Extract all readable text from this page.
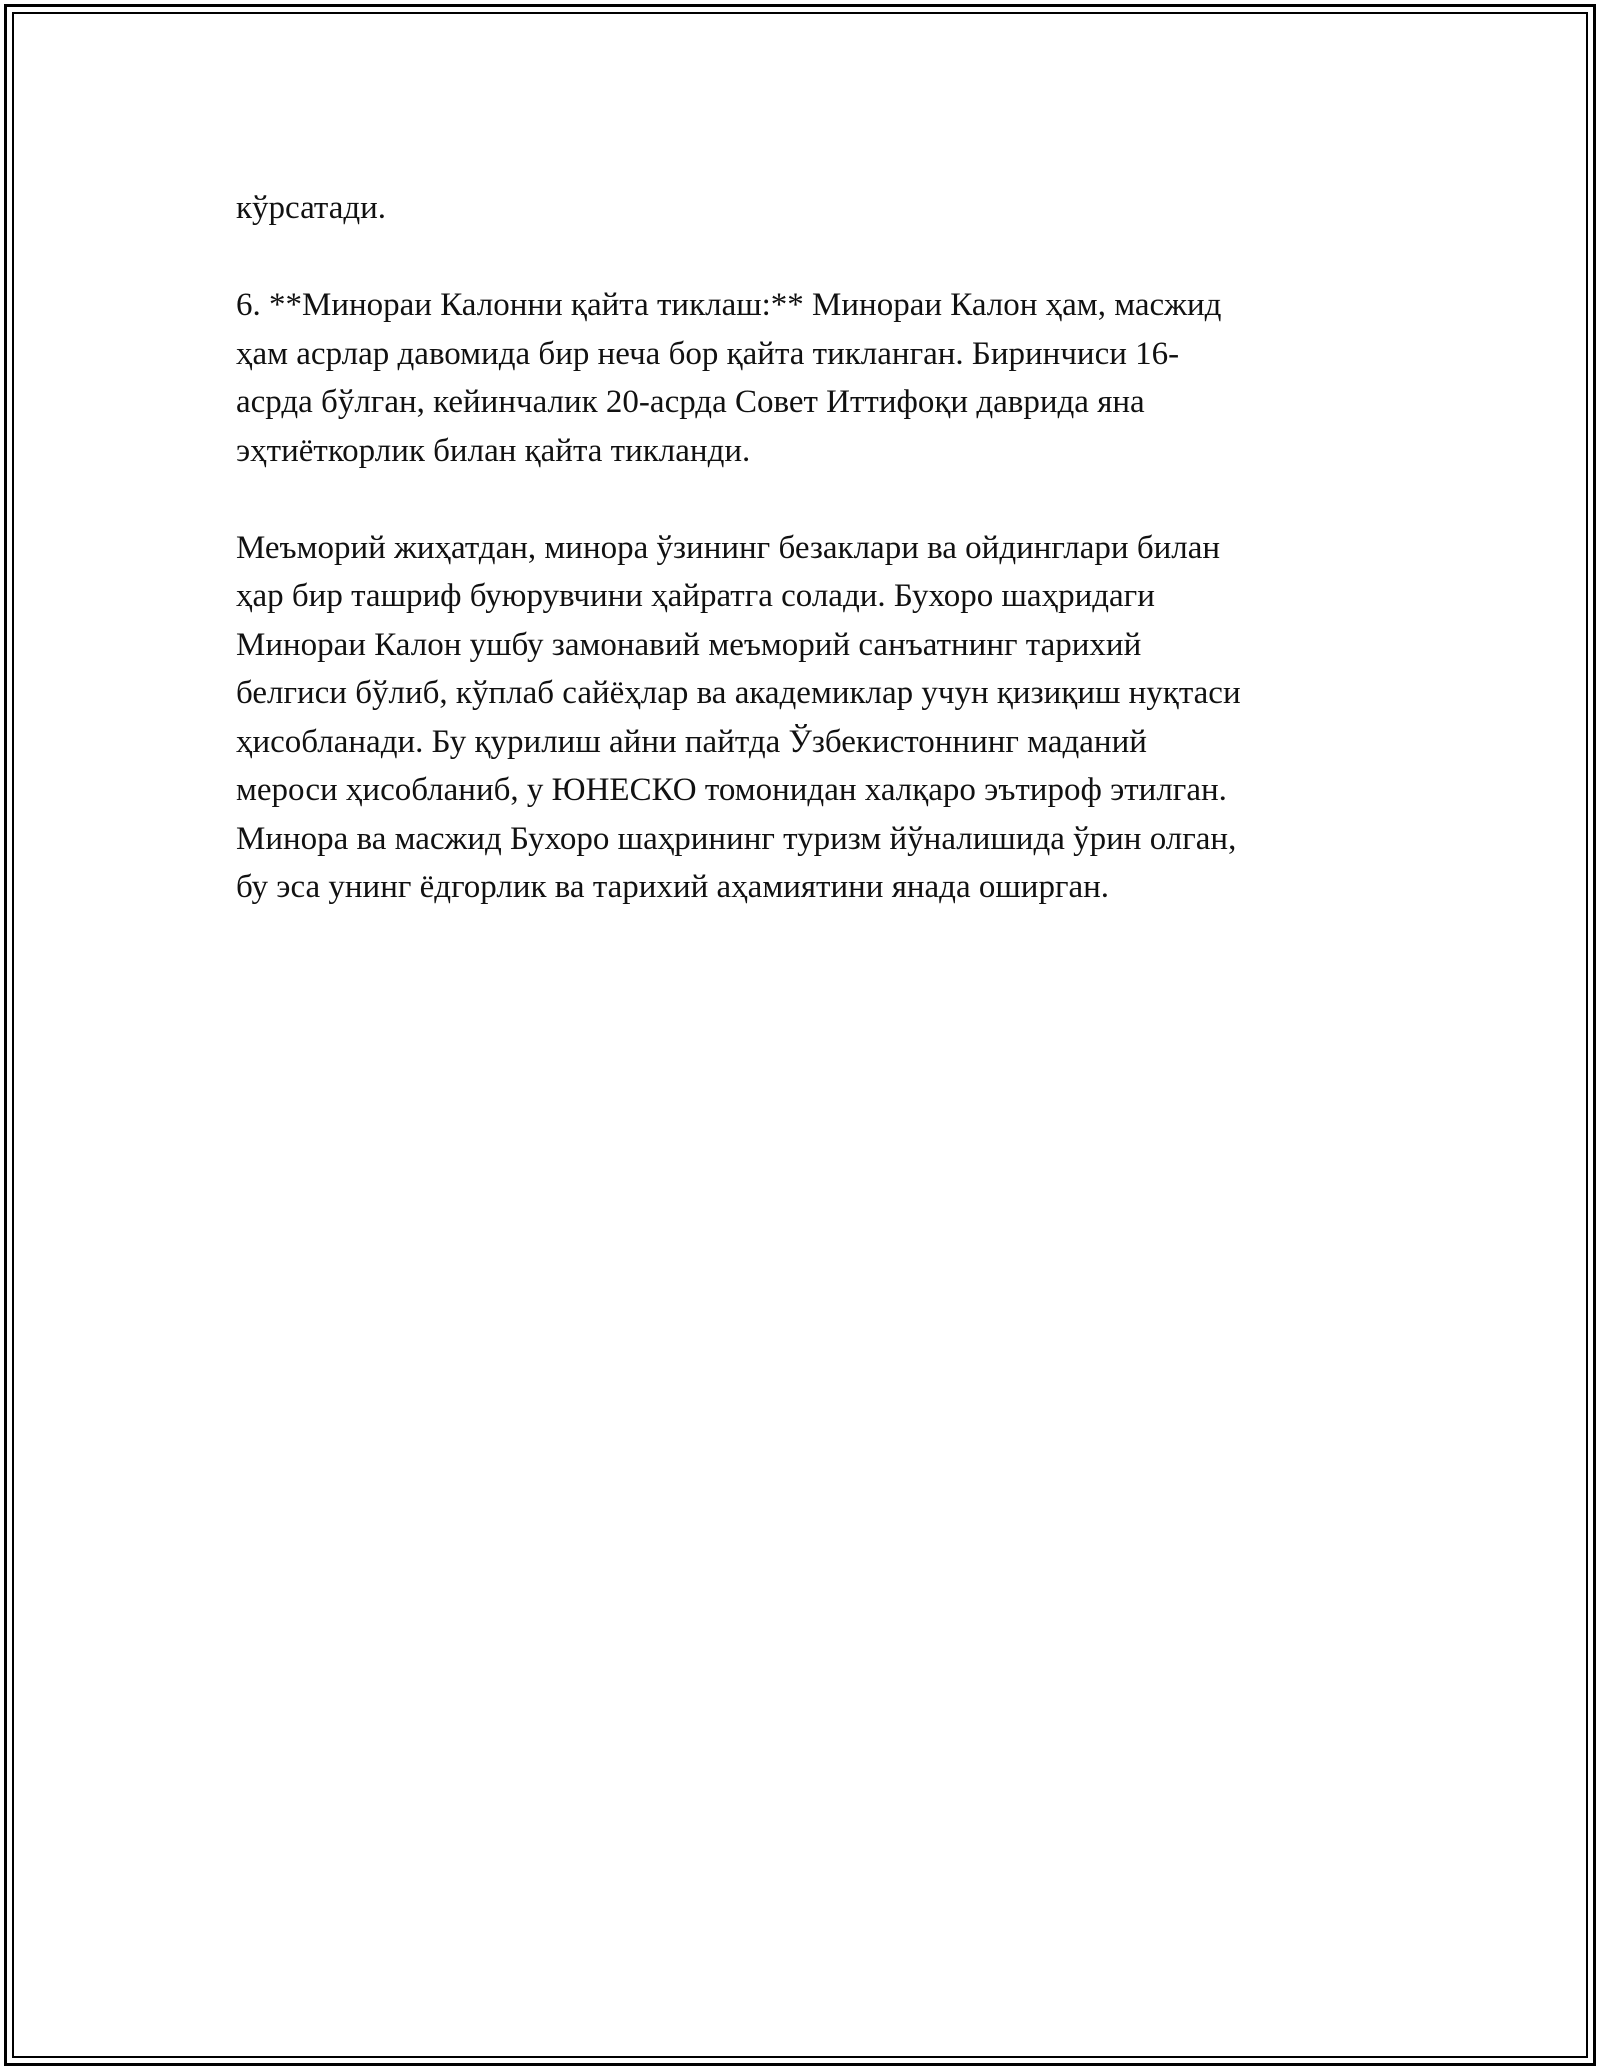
кўрсатади.

6. **Минораи Калонни қайта тиклаш:** Минораи Калон ҳам, масжид
ҳам асрлар давомида бир неча бор қайта тикланган. Биринчиси 16-
асрда бўлган, кейинчалик 20-асрда Совет Иттифоқи даврида яна
эҳтиёткорлик билан қайта тикланди.

Меъморий жиҳатдан, минора ўзининг безаклари ва ойдинглари билан
ҳар бир ташриф буюрувчини ҳайратга солади. Бухоро шаҳридаги
Минораи Калон ушбу замонавий меъморий санъатнинг тарихий
белгиси бўлиб, кўплаб сайёҳлар ва академиклар учун қизиқиш нуқтаси
ҳисобланади. Бу қурилиш айни пайтда Ўзбекистоннинг маданий
мероси ҳисобланиб, у ЮНЕСКО томонидан халқаро эътироф этилган.
Минора ва масжид Бухоро шаҳрининг туризм йўналишида ўрин олган,
бу эса унинг ёдгорлик ва тарихий аҳамиятини янада оширган.
